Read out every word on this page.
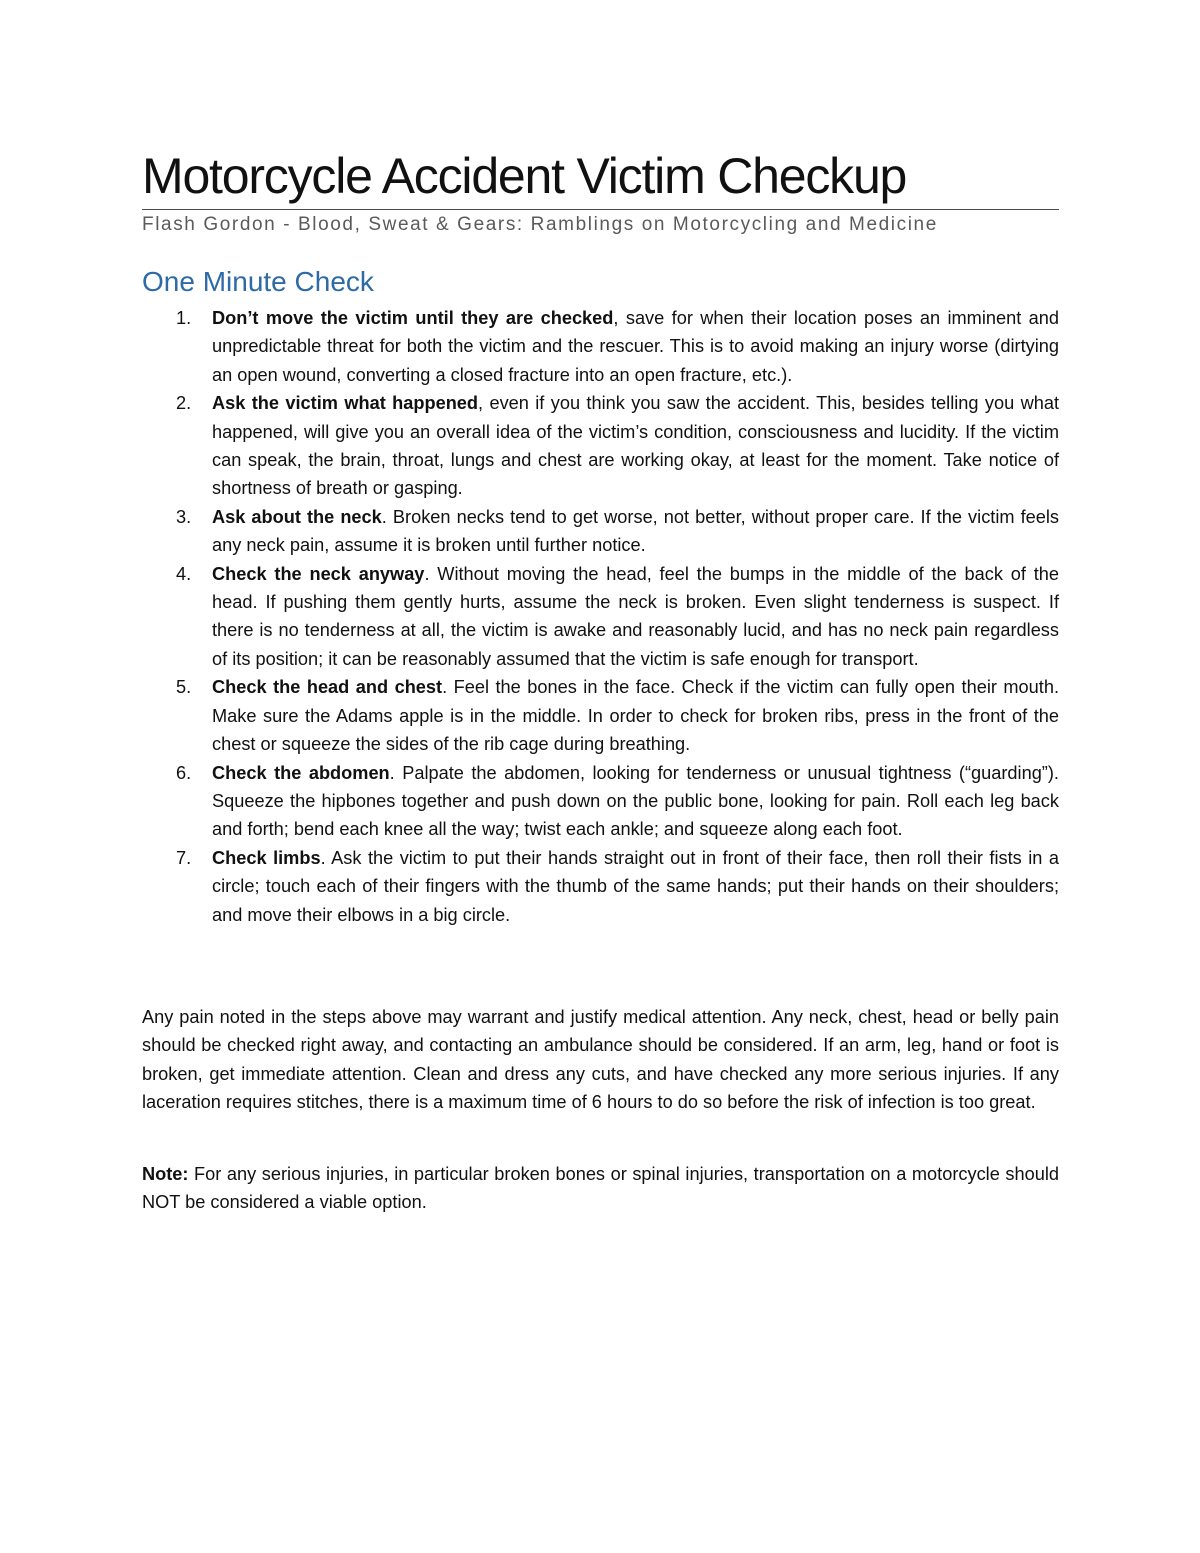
Motorcycle Accident Victim Checkup
Flash Gordon - Blood, Sweat & Gears: Ramblings on Motorcycling and Medicine
One Minute Check
1. Don’t move the victim until they are checked, save for when their location poses an imminent and unpredictable threat for both the victim and the rescuer. This is to avoid making an injury worse (dirtying an open wound, converting a closed fracture into an open fracture, etc.).
2. Ask the victim what happened, even if you think you saw the accident. This, besides telling you what happened, will give you an overall idea of the victim’s condition, consciousness and lucidity. If the victim can speak, the brain, throat, lungs and chest are working okay, at least for the moment. Take notice of shortness of breath or gasping.
3. Ask about the neck. Broken necks tend to get worse, not better, without proper care. If the victim feels any neck pain, assume it is broken until further notice.
4. Check the neck anyway. Without moving the head, feel the bumps in the middle of the back of the head. If pushing them gently hurts, assume the neck is broken. Even slight tenderness is suspect. If there is no tenderness at all, the victim is awake and reasonably lucid, and has no neck pain regardless of its position; it can be reasonably assumed that the victim is safe enough for transport.
5. Check the head and chest. Feel the bones in the face. Check if the victim can fully open their mouth. Make sure the Adams apple is in the middle. In order to check for broken ribs, press in the front of the chest or squeeze the sides of the rib cage during breathing.
6. Check the abdomen. Palpate the abdomen, looking for tenderness or unusual tightness (“guarding”). Squeeze the hipbones together and push down on the public bone, looking for pain. Roll each leg back and forth; bend each knee all the way; twist each ankle; and squeeze along each foot.
7. Check limbs. Ask the victim to put their hands straight out in front of their face, then roll their fists in a circle; touch each of their fingers with the thumb of the same hands; put their hands on their shoulders; and move their elbows in a big circle.

Any pain noted in the steps above may warrant and justify medical attention. Any neck, chest, head or belly pain should be checked right away, and contacting an ambulance should be considered. If an arm, leg, hand or foot is broken, get immediate attention. Clean and dress any cuts, and have checked any more serious injuries. If any laceration requires stitches, there is a maximum time of 6 hours to do so before the risk of infection is too great.

Note: For any serious injuries, in particular broken bones or spinal injuries, transportation on a motorcycle should NOT be considered a viable option.
